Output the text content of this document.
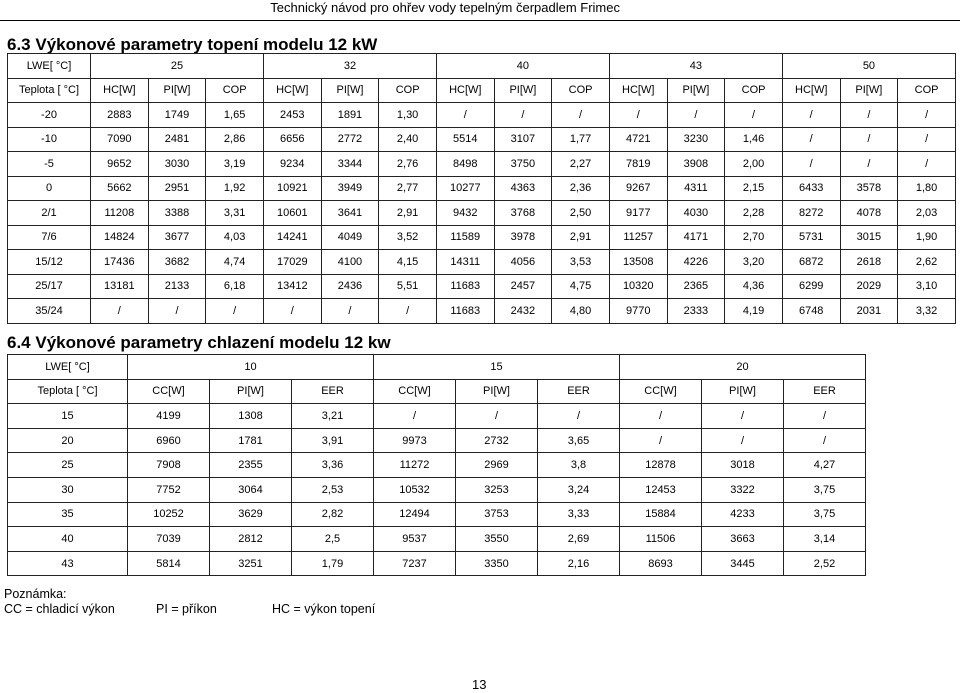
Technický návod pro ohřev vody tepelným čerpadlem Frimec
6.3 Výkonové parametry topení modelu 12 kW
LWE[ °C]	25			32			40			43			50		
Teplota [ °C]	HC[W]	PI[W]	COP	HC[W]	PI[W]	COP	HC[W]	PI[W]	COP	HC[W]	PI[W]	COP	HC[W]	PI[W]	COP
-20	2883	1749	1,65	2453	1891	1,30	/	/	/	/	/	/	/	/	/
-10	7090	2481	2,86	6656	2772	2,40	5514	3107	1,77	4721	3230	1,46	/	/	/
-5	9652	3030	3,19	9234	3344	2,76	8498	3750	2,27	7819	3908	2,00	/	/	/
0	5662	2951	1,92	10921	3949	2,77	10277	4363	2,36	9267	4311	2,15	6433	3578	1,80
2/1	11208	3388	3,31	10601	3641	2,91	9432	3768	2,50	9177	4030	2,28	8272	4078	2,03
7/6	14824	3677	4,03	14241	4049	3,52	11589	3978	2,91	11257	4171	2,70	5731	3015	1,90
15/12	17436	3682	4,74	17029	4100	4,15	14311	4056	3,53	13508	4226	3,20	6872	2618	2,62
25/17	13181	2133	6,18	13412	2436	5,51	11683	2457	4,75	10320	2365	4,36	6299	2029	3,10
35/24	/	/	/	/	/	/	11683	2432	4,80	9770	2333	4,19	6748	2031	3,32
6.4 Výkonové parametry chlazení modelu 12 kw
LWE[ °C]	10			15			20		
Teplota [ °C]	CC[W]	PI[W]	EER	CC[W]	PI[W]	EER	CC[W]	PI[W]	EER
15	4199	1308	3,21	/	/	/	/	/	/
20	6960	1781	3,91	9973	2732	3,65	/	/	/
25	7908	2355	3,36	11272	2969	3,8	12878	3018	4,27
30	7752	3064	2,53	10532	3253	3,24	12453	3322	3,75
35	10252	3629	2,82	12494	3753	3,33	15884	4233	3,75
40	7039	2812	2,5	9537	3550	2,69	11506	3663	3,14
43	5814	3251	1,79	7237	3350	2,16	8693	3445	2,52
Poznámka:
CC = chladicí výkon	PI = příkon	HC = výkon topení
13
